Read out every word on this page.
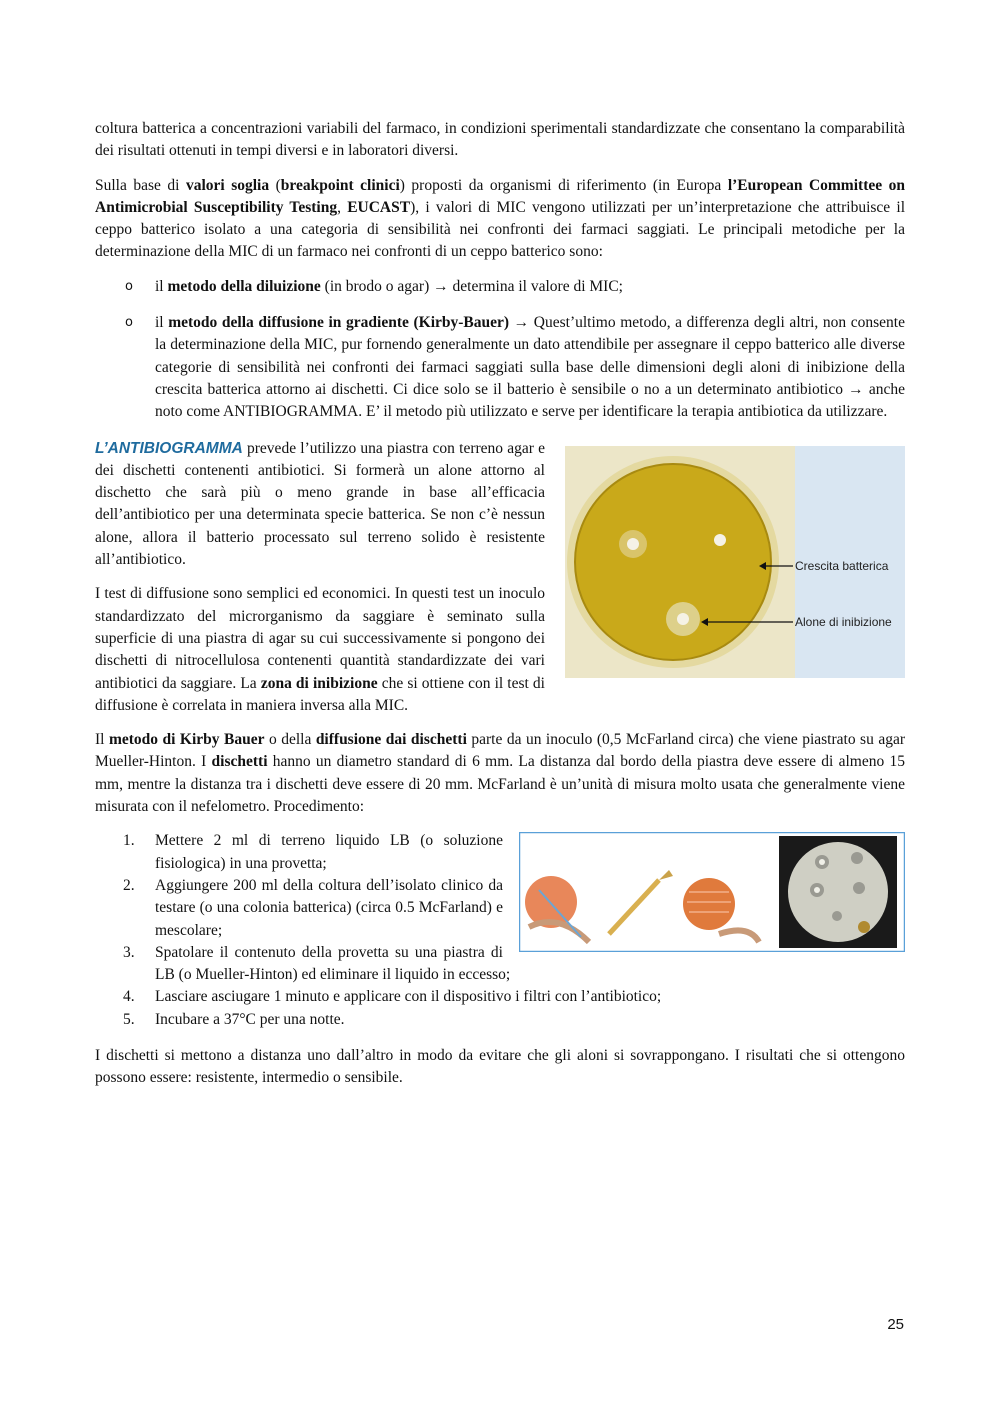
coltura batterica a concentrazioni variabili del farmaco, in condizioni sperimentali standardizzate che consentano la comparabilità dei risultati ottenuti in tempi diversi e in laboratori diversi.

Sulla base di valori soglia (breakpoint clinici) proposti da organismi di riferimento (in Europa l’European Committee on Antimicrobial Susceptibility Testing, EUCAST), i valori di MIC vengono utilizzati per un’interpretazione che attribuisce il ceppo batterico isolato a una categoria di sensibilità nei confronti dei farmaci saggiati. Le principali metodiche per la determinazione della MIC di un farmaco nei confronti di un ceppo batterico sono:

o il metodo della diluizione (in brodo o agar) → determina il valore di MIC;
o il metodo della diffusione in gradiente (Kirby-Bauer) → Quest’ultimo metodo, a differenza degli altri, non consente la determinazione della MIC, pur fornendo generalmente un dato attendibile per assegnare il ceppo batterico alle diverse categorie di sensibilità nei confronti dei farmaci saggiati sulla base delle dimensioni degli aloni di inibizione della crescita batterica attorno ai dischetti. Ci dice solo se il batterio è sensibile o no a un determinato antibiotico → anche noto come ANTIBIOGRAMMA. E’ il metodo più utilizzato e serve per identificare la terapia antibiotica da utilizzare.
Crescita batterica
Alone di inibizione

L’ANTIBIOGRAMMA prevede l’utilizzo una piastra con terreno agar e dei dischetti contenenti antibiotici. Si formerà un alone attorno al dischetto che sarà più o meno grande in base all’efficacia dell’antibiotico per una determinata specie batterica. Se non c’è nessun alone, allora il batterio processato sul terreno solido è resistente all’antibiotico.

I test di diffusione sono semplici ed economici. In questi test un inoculo standardizzato del microrganismo da saggiare è seminato sulla superficie di una piastra di agar su cui successivamente si pongono dei dischetti di nitrocellulosa contenenti quantità standardizzate dei vari antibiotici da saggiare. La zona di inibizione che si ottiene con il test di diffusione è correlata in maniera inversa alla MIC.

Il metodo di Kirby Bauer o della diffusione dai dischetti parte da un inoculo (0,5 McFarland circa) che viene piastrato su agar Mueller-Hinton. I dischetti hanno un diametro standard di 6 mm. La distanza dal bordo della piastra deve essere di almeno 15 mm, mentre la distanza tra i dischetti deve essere di 20 mm. McFarland è un’unità di misura molto usata che generalmente viene misurata con il nefelometro. Procedimento:

1. Mettere 2 ml di terreno liquido LB (o soluzione fisiologica) in una provetta;
2. Aggiungere 200 ml della coltura dell’isolato clinico da testare (o una colonia batterica) (circa 0.5 McFarland) e mescolare;
3. Spatolare il contenuto della provetta su una piastra di LB (o Mueller-Hinton) ed eliminare il liquido in eccesso;
4. Lasciare asciugare 1 minuto e applicare con il dispositivo i filtri con l’antibiotico;
5. Incubare a 37°C per una notte.

I dischetti si mettono a distanza uno dall’altro in modo da evitare che gli aloni si sovrappongano. I risultati che si ottengono possono essere: resistente, intermedio o sensibile.

25
